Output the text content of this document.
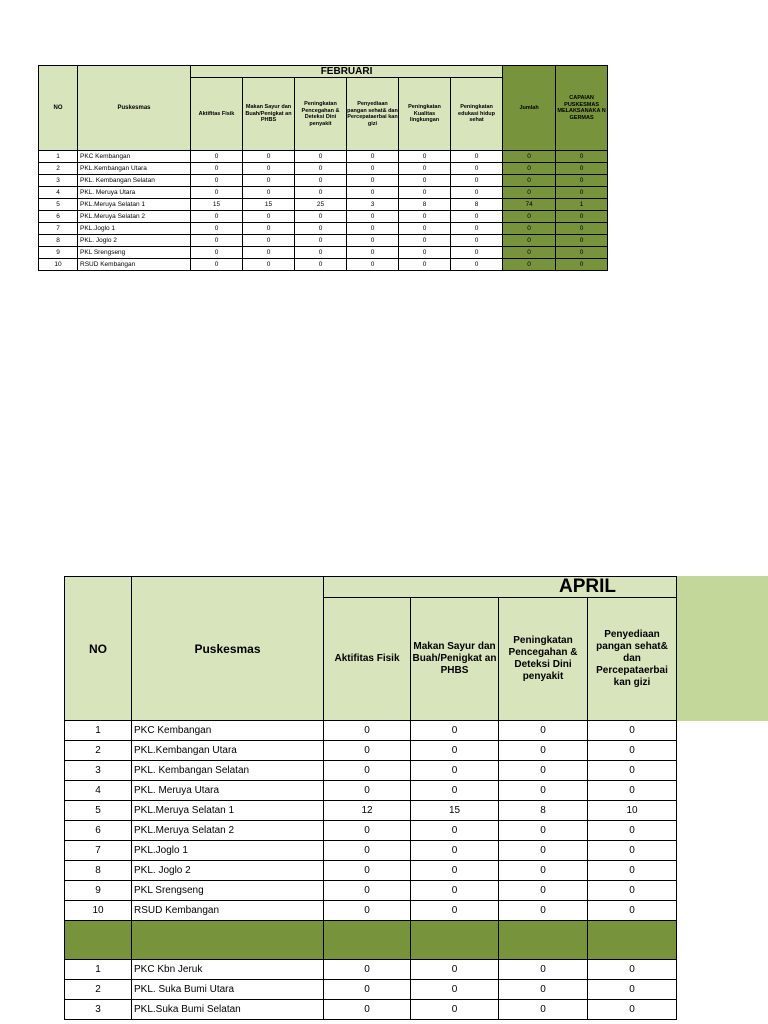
NO	Puskesmas	FEBRUARI						Jumlah	CAPAIAN PUSKESMAS MELAKSANAKA N GERMAS
		Aktifitas Fisik	Makan Sayur dan Buah/Penigkat an PHBS	Peningkatan Pencegahan & Deteksi Dini penyakit	Penyediaan pangan sehat& dan Percepataerbai kan gizi	Peningkatan Kualitas lingkungan	Peningkatan edukasi hidup sehat		
1	PKC Kembangan	0	0	0	0	0	0	0	0
2	PKL.Kembangan Utara	0	0	0	0	0	0	0	0
3	PKL. Kembangan Selatan	0	0	0	0	0	0	0	0
4	PKL. Meruya Utara	0	0	0	0	0	0	0	0
5	PKL.Meruya Selatan 1	15	15	25	3	8	8	74	1
6	PKL.Meruya Selatan 2	0	0	0	0	0	0	0	0
7	PKL.Joglo 1	0	0	0	0	0	0	0	0
8	PKL. Joglo 2	0	0	0	0	0	0	0	0
9	PKL Srengseng	0	0	0	0	0	0	0	0
10	RSUD Kembangan	0	0	0	0	0	0	0	0
NO	Puskesmas	APRIL			
		Aktifitas Fisik	Makan Sayur dan Buah/Penigkat an PHBS	Peningkatan Pencegahan & Deteksi Dini penyakit	Penyediaan pangan sehat& dan Percepataerbai kan gizi
1	PKC Kembangan	0	0	0	0
2	PKL.Kembangan Utara	0	0	0	0
3	PKL. Kembangan Selatan	0	0	0	0
4	PKL. Meruya Utara	0	0	0	0
5	PKL.Meruya Selatan 1	12	15	8	10
6	PKL.Meruya Selatan 2	0	0	0	0
7	PKL.Joglo 1	0	0	0	0
8	PKL. Joglo 2	0	0	0	0
9	PKL Srengseng	0	0	0	0
10	RSUD Kembangan	0	0	0	0

1	PKC Kbn Jeruk	0	0	0	0
2	PKL. Suka Bumi Utara	0	0	0	0
3	PKL.Suka Bumi Selatan	0	0	0	0
